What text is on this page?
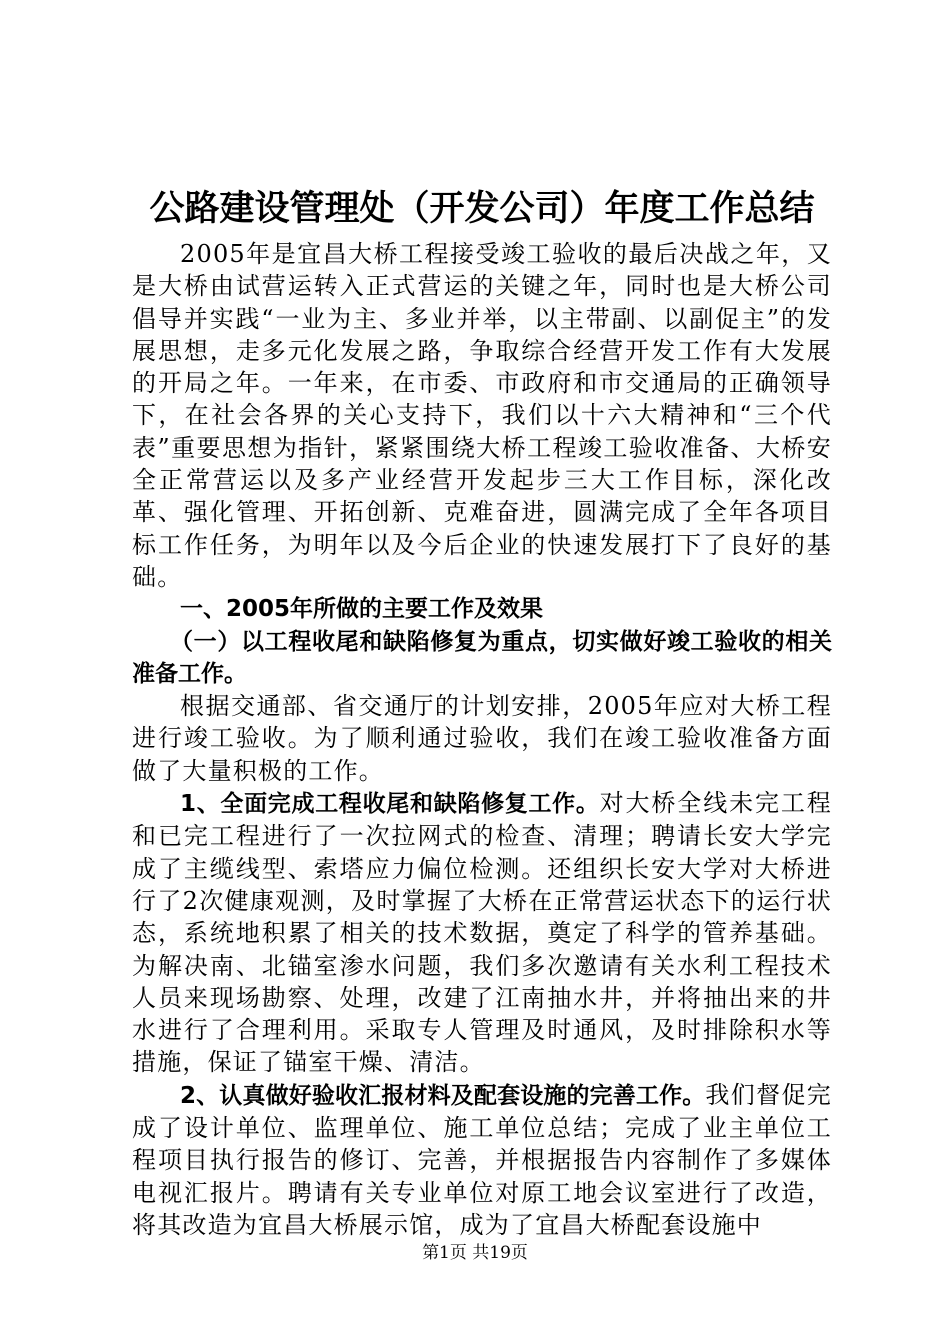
公路建设管理处（开发公司）年度工作总结

2005年是宜昌大桥工程接受竣工验收的最后决战之年，又是大桥由试营运转入正式营运的关键之年，同时也是大桥公司倡导并实践“一业为主、多业并举，以主带副、以副促主”的发展思想，走多元化发展之路，争取综合经营开发工作有大发展的开局之年。一年来，在市委、市政府和市交通局的正确领导下，在社会各界的关心支持下，我们以十六大精神和“三个代表”重要思想为指针，紧紧围绕大桥工程竣工验收准备、大桥安全正常营运以及多产业经营开发起步三大工作目标，深化改革、强化管理、开拓创新、克难奋进，圆满完成了全年各项目标工作任务，为明年以及今后企业的快速发展打下了良好的基础。

一、2005年所做的主要工作及效果

（一）以工程收尾和缺陷修复为重点，切实做好竣工验收的相关准备工作。

根据交通部、省交通厅的计划安排，2005年应对大桥工程进行竣工验收。为了顺利通过验收，我们在竣工验收准备方面做了大量积极的工作。

1、全面完成工程收尾和缺陷修复工作。对大桥全线未完工程和已完工程进行了一次拉网式的检查、清理；聘请长安大学完成了主缆线型、索塔应力偏位检测。还组织长安大学对大桥进行了2次健康观测，及时掌握了大桥在正常营运状态下的运行状态，系统地积累了相关的技术数据，奠定了科学的管养基础。为解决南、北锚室渗水问题，我们多次邀请有关水利工程技术人员来现场勘察、处理，改建了江南抽水井，并将抽出来的井水进行了合理利用。采取专人管理及时通风，及时排除积水等措施，保证了锚室干燥、清洁。

2、认真做好验收汇报材料及配套设施的完善工作。我们督促完成了设计单位、监理单位、施工单位总结；完成了业主单位工程项目执行报告的修订、完善，并根据报告内容制作了多媒体电视汇报片。聘请有关专业单位对原工地会议室进行了改造，将其改造为宜昌大桥展示馆，成为了宜昌大桥配套设施中

第1页 共19页
